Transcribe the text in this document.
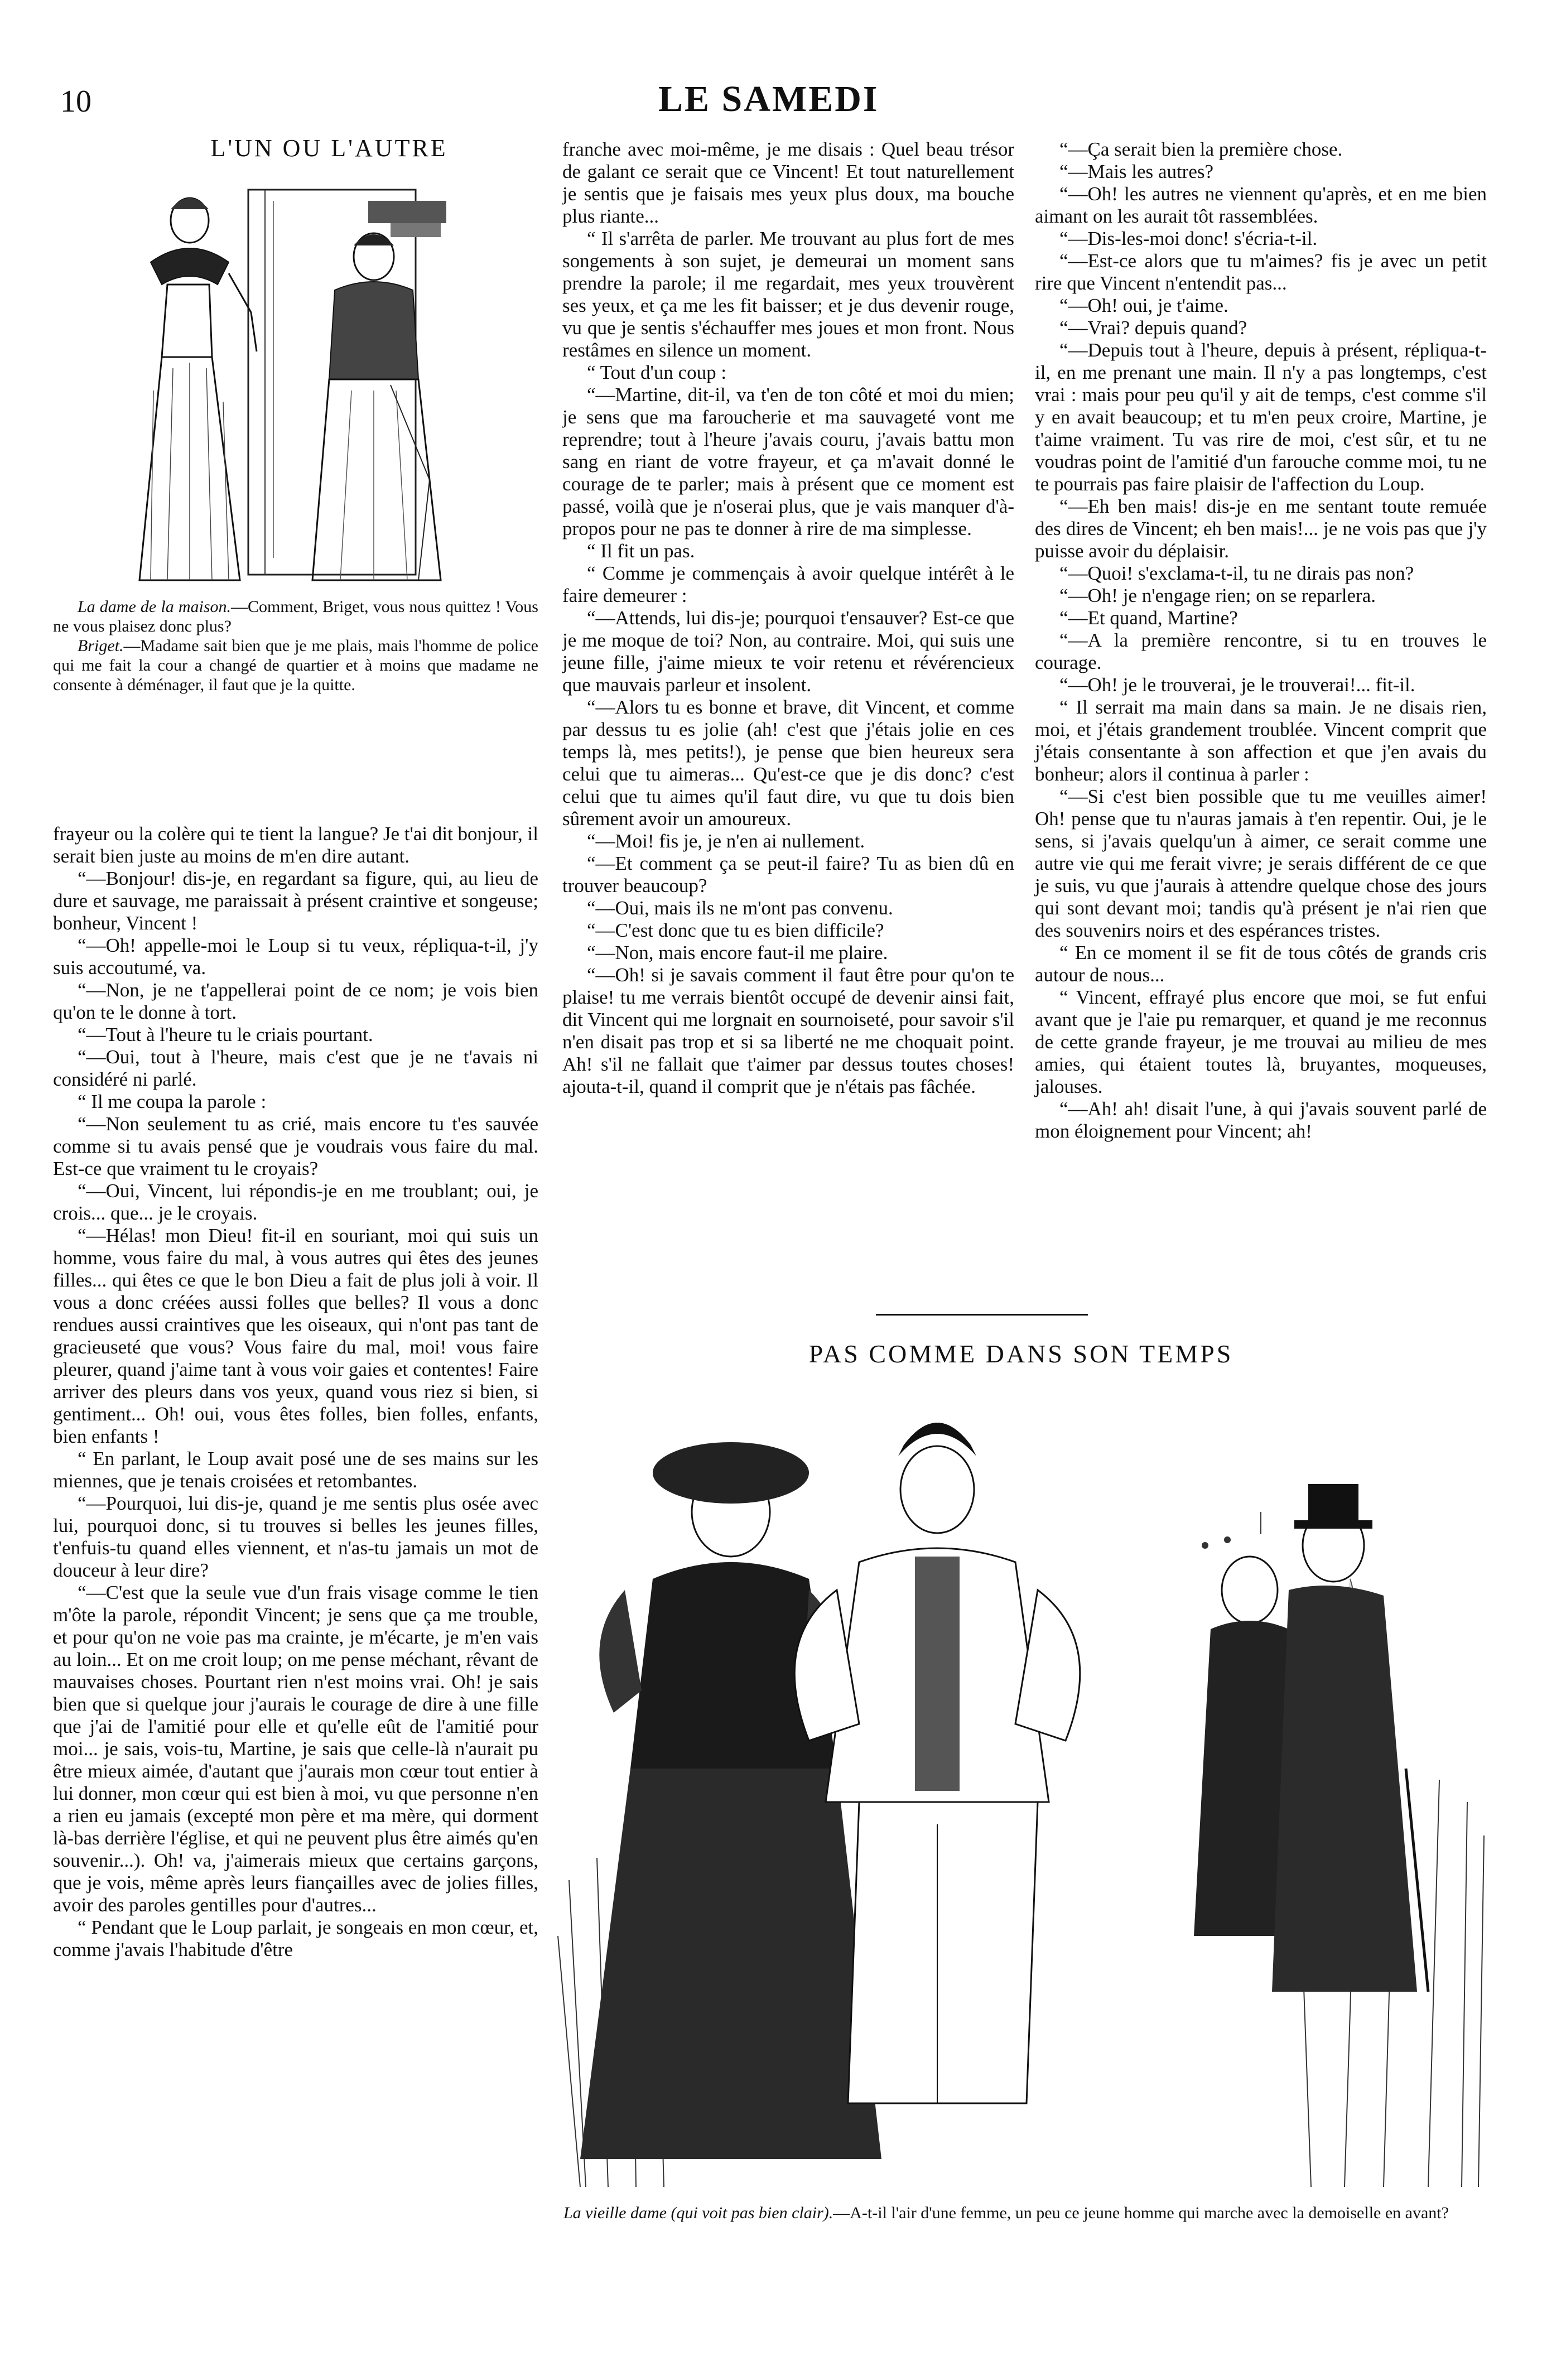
10	LE SAMEDI
L'UN OU L'AUTRE

La dame de la maison.—Comment, Briget, vous nous quittez ! Vous ne vous plaisez donc plus?

Briget.—Madame sait bien que je me plais, mais l'homme de police qui me fait la cour a changé de quartier et à moins que madame ne consente à déménager, il faut que je la quitte.

frayeur ou la colère qui te tient la langue? Je t'ai dit bonjour, il serait bien juste au moins de m'en dire autant.

“—Bonjour! dis-je, en regardant sa figure, qui, au lieu de dure et sauvage, me paraissait à présent craintive et songeuse; bonheur, Vincent !

“—Oh! appelle-moi le Loup si tu veux, répliqua-t-il, j'y suis accoutumé, va.

“—Non, je ne t'appellerai point de ce nom; je vois bien qu'on te le donne à tort.

“—Tout à l'heure tu le criais pourtant.

“—Oui, tout à l'heure, mais c'est que je ne t'avais ni considéré ni parlé.

“ Il me coupa la parole :

“—Non seulement tu as crié, mais encore tu t'es sauvée comme si tu avais pensé que je voudrais vous faire du mal. Est-ce que vraiment tu le croyais?

“—Oui, Vincent, lui répondis-je en me troublant; oui, je crois... que... je le croyais.

“—Hélas! mon Dieu! fit-il en souriant, moi qui suis un homme, vous faire du mal, à vous autres qui êtes des jeunes filles... qui êtes ce que le bon Dieu a fait de plus joli à voir. Il vous a donc créées aussi folles que belles? Il vous a donc rendues aussi craintives que les oiseaux, qui n'ont pas tant de gracieuseté que vous? Vous faire du mal, moi! vous faire pleurer, quand j'aime tant à vous voir gaies et contentes! Faire arriver des pleurs dans vos yeux, quand vous riez si bien, si gentiment... Oh! oui, vous êtes folles, bien folles, enfants, bien enfants !

“ En parlant, le Loup avait posé une de ses mains sur les miennes, que je tenais croisées et retombantes.

“—Pourquoi, lui dis-je, quand je me sentis plus osée avec lui, pourquoi donc, si tu trouves si belles les jeunes filles, t'enfuis-tu quand elles viennent, et n'as-tu jamais un mot de douceur à leur dire?

“—C'est que la seule vue d'un frais visage comme le tien m'ôte la parole, répondit Vincent; je sens que ça me trouble, et pour qu'on ne voie pas ma crainte, je m'écarte, je m'en vais au loin... Et on me croit loup; on me pense méchant, rêvant de mauvaises choses. Pourtant rien n'est moins vrai. Oh! je sais bien que si quelque jour j'aurais le courage de dire à une fille que j'ai de l'amitié pour elle et qu'elle eût de l'amitié pour moi... je sais, vois-tu, Martine, je sais que celle-là n'aurait pu être mieux aimée, d'autant que j'aurais mon cœur tout entier à lui donner, mon cœur qui est bien à moi, vu que personne n'en a rien eu jamais (excepté mon père et ma mère, qui dorment là-bas derrière l'église, et qui ne peuvent plus être aimés qu'en souvenir...). Oh! va, j'aimerais mieux que certains garçons, que je vois, même après leurs fiançailles avec de jolies filles, avoir des paroles gentilles pour d'autres...

“ Pendant que le Loup parlait, je songeais en mon cœur, et, comme j'avais l'habitude d'être

franche avec moi-même, je me disais : Quel beau trésor de galant ce serait que ce Vincent! Et tout naturellement je sentis que je faisais mes yeux plus doux, ma bouche plus riante...

“ Il s'arrêta de parler. Me trouvant au plus fort de mes songements à son sujet, je demeurai un moment sans prendre la parole; il me regardait, mes yeux trouvèrent ses yeux, et ça me les fit baisser; et je dus devenir rouge, vu que je sentis s'échauffer mes joues et mon front. Nous restâmes en silence un moment.

“ Tout d'un coup :

“—Martine, dit-il, va t'en de ton côté et moi du mien; je sens que ma faroucherie et ma sauvageté vont me reprendre; tout à l'heure j'avais couru, j'avais battu mon sang en riant de votre frayeur, et ça m'avait donné le courage de te parler; mais à présent que ce moment est passé, voilà que je n'oserai plus, que je vais manquer d'à-propos pour ne pas te donner à rire de ma simplesse.

“ Il fit un pas.

“ Comme je commençais à avoir quelque intérêt à le faire demeurer :

“—Attends, lui dis-je; pourquoi t'ensauver? Est-ce que je me moque de toi? Non, au contraire. Moi, qui suis une jeune fille, j'aime mieux te voir retenu et révérencieux que mauvais parleur et insolent.

“—Alors tu es bonne et brave, dit Vincent, et comme par dessus tu es jolie (ah! c'est que j'étais jolie en ces temps là, mes petits!), je pense que bien heureux sera celui que tu aimeras... Qu'est-ce que je dis donc? c'est celui que tu aimes qu'il faut dire, vu que tu dois bien sûrement avoir un amoureux.

“—Moi! fis je, je n'en ai nullement.

“—Et comment ça se peut-il faire? Tu as bien dû en trouver beaucoup?

“—Oui, mais ils ne m'ont pas convenu.

“—C'est donc que tu es bien difficile?

“—Non, mais encore faut-il me plaire.

“—Oh! si je savais comment il faut être pour qu'on te plaise! tu me verrais bientôt occupé de devenir ainsi fait, dit Vincent qui me lorgnait en sournoiseté, pour savoir s'il n'en disait pas trop et si sa liberté ne me choquait point. Ah! s'il ne fallait que t'aimer par dessus toutes choses! ajouta-t-il, quand il comprit que je n'étais pas fâchée.

“—Ça serait bien la première chose.

“—Mais les autres?

“—Oh! les autres ne viennent qu'après, et en me bien aimant on les aurait tôt rassemblées.

“—Dis-les-moi donc! s'écria-t-il.

“—Est-ce alors que tu m'aimes? fis je avec un petit rire que Vincent n'entendit pas...

“—Oh! oui, je t'aime.

“—Vrai? depuis quand?

“—Depuis tout à l'heure, depuis à présent, répliqua-t-il, en me prenant une main. Il n'y a pas longtemps, c'est vrai : mais pour peu qu'il y ait de temps, c'est comme s'il y en avait beaucoup; et tu m'en peux croire, Martine, je t'aime vraiment. Tu vas rire de moi, c'est sûr, et tu ne voudras point de l'amitié d'un farouche comme moi, tu ne te pourrais pas faire plaisir de l'affection du Loup.

“—Eh ben mais! dis-je en me sentant toute remuée des dires de Vincent; eh ben mais!... je ne vois pas que j'y puisse avoir du déplaisir.

“—Quoi! s'exclama-t-il, tu ne dirais pas non?

“—Oh! je n'engage rien; on se reparlera.

“—Et quand, Martine?

“—A la première rencontre, si tu en trouves le courage.

“—Oh! je le trouverai, je le trouverai!... fit-il.

“ Il serrait ma main dans sa main. Je ne disais rien, moi, et j'étais grandement troublée. Vincent comprit que j'étais consentante à son affection et que j'en avais du bonheur; alors il continua à parler :

“—Si c'est bien possible que tu me veuilles aimer! Oh! pense que tu n'auras jamais à t'en repentir. Oui, je le sens, si j'avais quelqu'un à aimer, ce serait comme une autre vie qui me ferait vivre; je serais différent de ce que je suis, vu que j'aurais à attendre quelque chose des jours qui sont devant moi; tandis qu'à présent je n'ai rien que des souvenirs noirs et des espérances tristes.

“ En ce moment il se fit de tous côtés de grands cris autour de nous...

“ Vincent, effrayé plus encore que moi, se fut enfui avant que je l'aie pu remarquer, et quand je me reconnus de cette grande frayeur, je me trouvai au milieu de mes amies, qui étaient toutes là, bruyantes, moqueuses, jalouses.

“—Ah! ah! disait l'une, à qui j'avais souvent parlé de mon éloignement pour Vincent; ah!

PAS COMME DANS SON TEMPS
La vieille dame (qui voit pas bien clair).—A-t-il l'air d'une femme, un peu ce jeune homme qui marche avec la demoiselle en avant?
